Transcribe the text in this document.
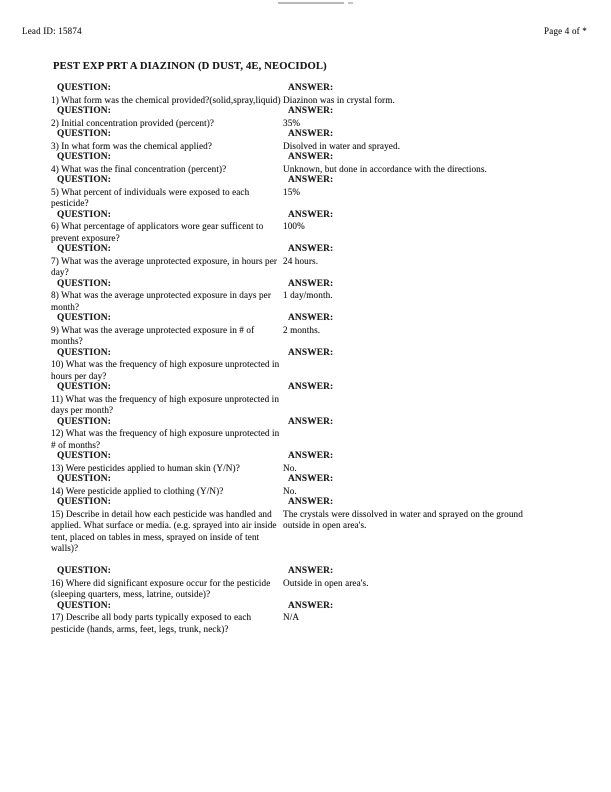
Lead ID: 15874	Page 4 of *
PEST EXP PRT A DIAZINON (D DUST, 4E, NEOCIDOL)
QUESTION:
1) What form was the chemical provided?(solid,spray,liquid)
ANSWER:
Diazinon was in crystal form.
QUESTION:
2) Initial concentration provided (percent)?
ANSWER:
35%
QUESTION:
3) In what form was the chemical applied?
ANSWER:
Disolved in water and sprayed.
QUESTION:
4) What was the final concentration (percent)?
ANSWER:
Unknown, but done in accordance with the directions.
QUESTION:
5) What percent of individuals were exposed to each pesticide?
ANSWER:
15%
QUESTION:
6) What percentage of applicators wore gear sufficent to prevent exposure?
ANSWER:
100%
QUESTION:
7) What was the average unprotected exposure, in hours per day?
ANSWER:
24 hours.
QUESTION:
8) What was the average unprotected exposure in days per month?
ANSWER:
1 day/month.
QUESTION:
9) What was the average unprotected exposure in # of months?
ANSWER:
2 months.
QUESTION:
10) What was the frequency of high exposure unprotected in hours per day?
ANSWER:
QUESTION:
11) What was the frequency of high exposure unprotected in days per month?
ANSWER:
QUESTION:
12) What was the frequency of high exposure unprotected in # of months?
ANSWER:
QUESTION:
13) Were pesticides applied to human skin (Y/N)?
ANSWER:
No.
QUESTION:
14) Were pesticide applied to clothing (Y/N)?
ANSWER:
No.
QUESTION:
15) Describe in detail how each pesticide was handled and applied. What surface or media. (e.g. sprayed into air inside tent, placed on tables in mess, sprayed on inside of tent walls)?
ANSWER:
The crystals were dissolved in water and sprayed on the ground outside in open area's.
QUESTION:
16) Where did significant exposure occur for the pesticide (sleeping quarters, mess, latrine, outside)?
ANSWER:
Outside in open area's.
QUESTION:
17) Describe all body parts typically exposed to each pesticide (hands, arms, feet, legs, trunk, neck)?
ANSWER:
N/A
